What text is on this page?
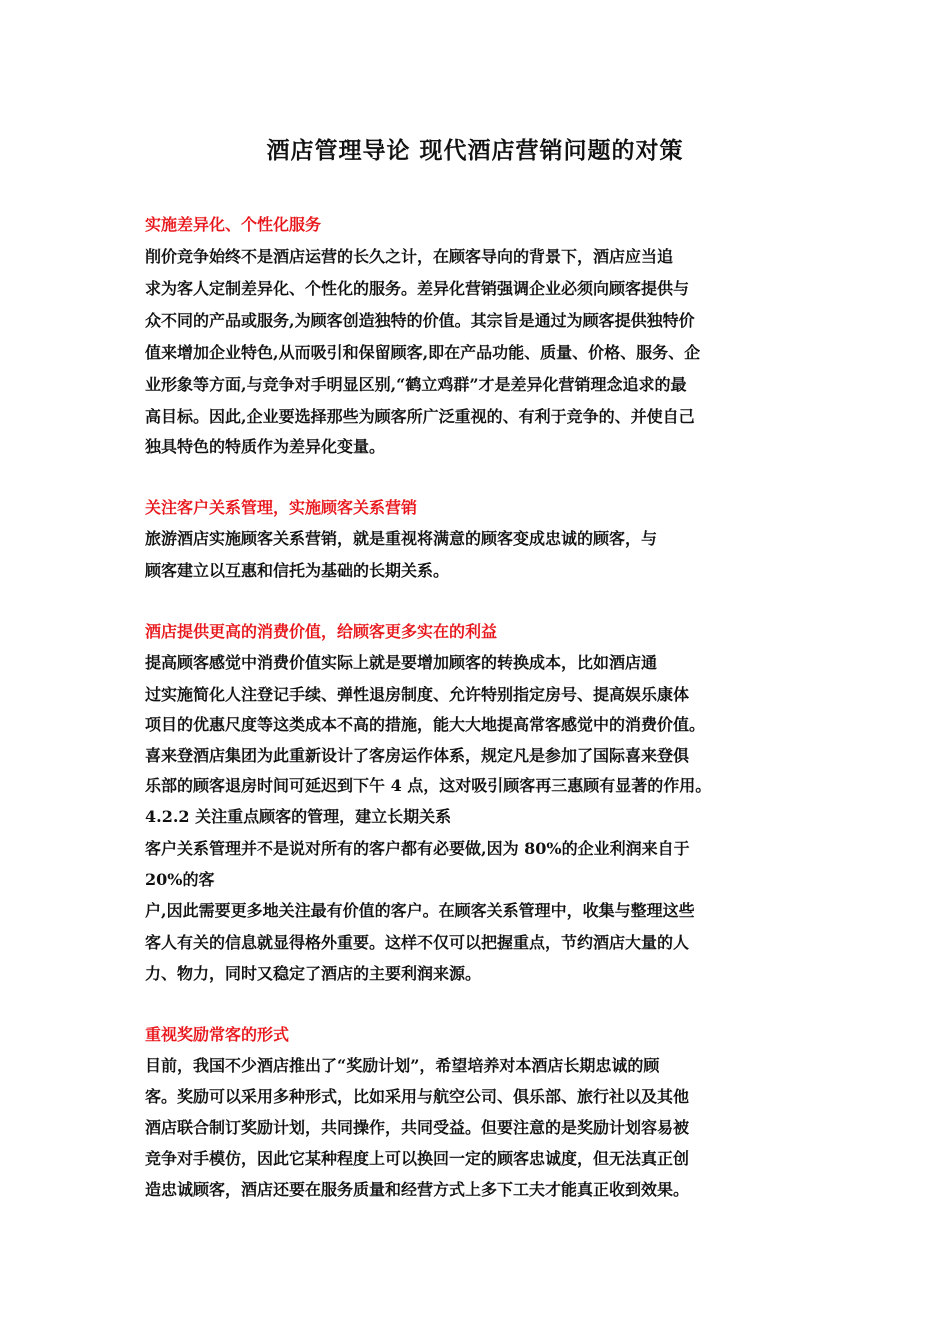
酒店管理导论 现代酒店营销问题的对策
实施差异化、个性化服务
削价竞争始终不是酒店运营的长久之计，在顾客导向的背景下，酒店应当追
求为客人定制差异化、个性化的服务。差异化营销强调企业必须向顾客提供与
众不同的产品或服务,为顾客创造独特的价值。其宗旨是通过为顾客提供独特价
值来增加企业特色,从而吸引和保留顾客,即在产品功能、质量、价格、服务、企
业形象等方面,与竞争对手明显区别,“鹤立鸡群”才是差异化营销理念追求的最
高目标。因此,企业要选择那些为顾客所广泛重视的、有利于竞争的、并使自己
独具特色的特质作为差异化变量。
关注客户关系管理，实施顾客关系营销
旅游酒店实施顾客关系营销，就是重视将满意的顾客变成忠诚的顾客，与
顾客建立以互惠和信托为基础的长期关系。
酒店提供更高的消费价值，给顾客更多实在的利益
提高顾客感觉中消费价值实际上就是要增加顾客的转换成本，比如酒店通
过实施简化人注登记手续、弹性退房制度、允许特别指定房号、提高娱乐康体
项目的优惠尺度等这类成本不高的措施，能大大地提高常客感觉中的消费价值。
喜来登酒店集团为此重新设计了客房运作体系，规定凡是参加了国际喜来登俱
乐部的顾客退房时间可延迟到下午 4 点，这对吸引顾客再三惠顾有显著的作用。
4.2.2 关注重点顾客的管理，建立长期关系
客户关系管理并不是说对所有的客户都有必要做,因为 80%的企业利润来自于
20%的客
户,因此需要更多地关注最有价值的客户。在顾客关系管理中，收集与整理这些
客人有关的信息就显得格外重要。这样不仅可以把握重点，节约酒店大量的人
力、物力，同时又稳定了酒店的主要利润来源。
重视奖励常客的形式
目前，我国不少酒店推出了“奖励计划”，希望培养对本酒店长期忠诚的顾
客。奖励可以采用多种形式，比如采用与航空公司、俱乐部、旅行社以及其他
酒店联合制订奖励计划，共同操作，共同受益。但要注意的是奖励计划容易被
竞争对手模仿，因此它某种程度上可以换回一定的顾客忠诚度，但无法真正创
造忠诚顾客，酒店还要在服务质量和经营方式上多下工夫才能真正收到效果。
